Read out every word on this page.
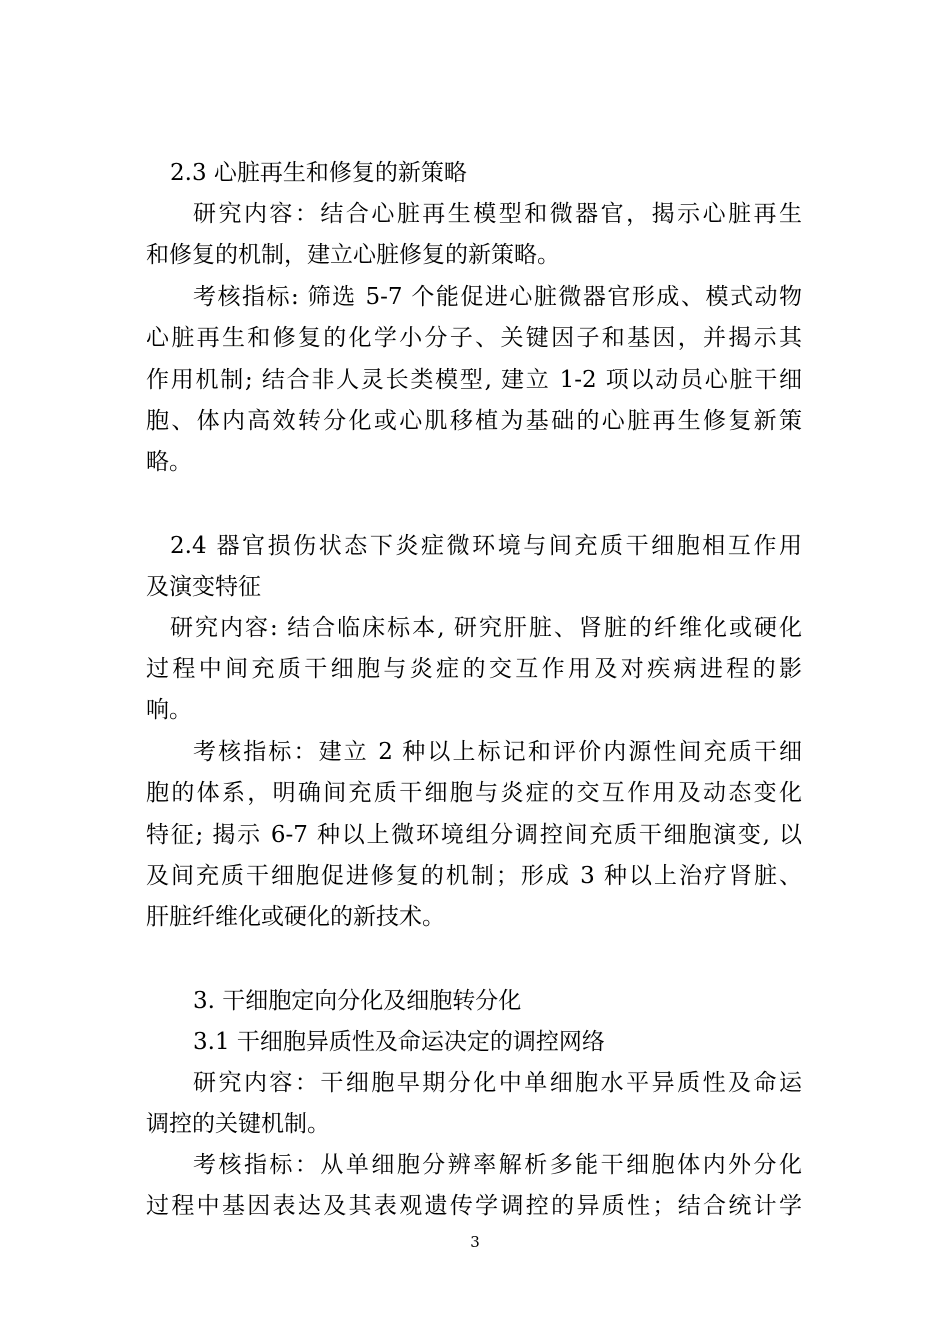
2.3 心脏再生和修复的新策略
研究内容：结合心脏再生模型和微器官，揭示心脏再生
和修复的机制，建立心脏修复的新策略。
考核指标: 筛选 5-7 个能促进心脏微器官形成、模式动物
心脏再生和修复的化学小分子、关键因子和基因，并揭示其
作用机制; 结合非人灵长类模型, 建立 1-2 项以动员心脏干细
胞、体内高效转分化或心肌移植为基础的心脏再生修复新策
略。
2.4 器官损伤状态下炎症微环境与间充质干细胞相互作用
及演变特征
研究内容: 结合临床标本, 研究肝脏、肾脏的纤维化或硬化
过程中间充质干细胞与炎症的交互作用及对疾病进程的影
响。
考核指标：建立 2 种以上标记和评价内源性间充质干细
胞的体系，明确间充质干细胞与炎症的交互作用及动态变化
特征; 揭示 6-7 种以上微环境组分调控间充质干细胞演变, 以
及间充质干细胞促进修复的机制；形成 3 种以上治疗肾脏、
肝脏纤维化或硬化的新技术。
3. 干细胞定向分化及细胞转分化
3.1 干细胞异质性及命运决定的调控网络
研究内容：干细胞早期分化中单细胞水平异质性及命运
调控的关键机制。
考核指标：从单细胞分辨率解析多能干细胞体内外分化
过程中基因表达及其表观遗传学调控的异质性；结合统计学
3
